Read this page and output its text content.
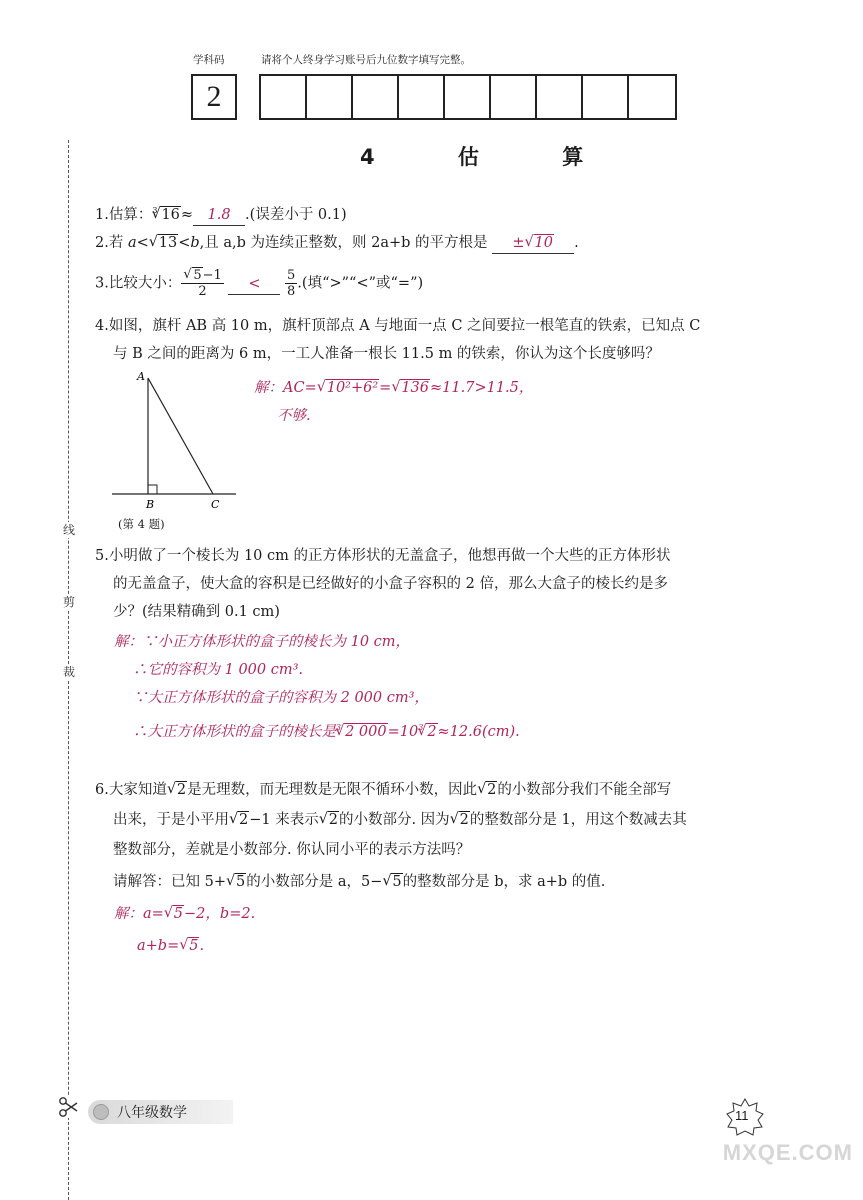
学科码	请将个人终身学习账号后九位数字填写完整。
2
4 估 算
线
剪
裁
1.估算：$^3$√ 16≈ 1.8 .(误差小于 0.1)
2.若 a<√ 13<b,且 a,b 为连续正整数，则 2a+b 的平方根是 ±√ 10 .
3.比较大小：
√ $\frac{5-1}{2} < \frac{5}{8}$ .(填“>”“<”或“=”)
4.如图，旗杆 AB 高 10 m，旗杆顶部点 A 与地面一点 C 之间要拉一根笔直的铁索，已知点 C
与 B 之间的距离为 6 m，一工人准备一根长 11.5 m 的铁索，你认为这个长度够吗？
A
B	C
(第 4 题)
解：AC=√ 10²+6²=√ 136≈11.7>11.5，
不够.
5.小明做了一个棱长为 10 cm 的正方体形状的无盖盒子，他想再做一个大些的正方体形状
的无盖盒子，使大盒的容积是已经做好的小盒子容积的 2 倍，那么大盒子的棱长约是多
少？(结果精确到 0.1 cm)
解：∵小正方体形状的盒子的棱长为 10 cm，
∴它的容积为 1 000 cm³.
∵大正方体形状的盒子的容积为 2 000 cm³，
∴大正方体形状的盒子的棱长是$^3$√ 2 $000=10^3√$ 2≈12.6(cm).
6.大家知道√ 2是无理数，而无理数是无限不循环小数，因此√ 2的小数部分我们不能全部写
出来，于是小平用√ 2−1 来表示√ 2的小数部分. 因为√ 2的整数部分是 1，用这个数减去其
整数部分，差就是小数部分. 你认同小平的表示方法吗？
请解答：已知 5+√ 5的小数部分是 a，5−√ 5的整数部分是 b，求 a+b 的值.
解：a=√ 5−2，b=2.
a+b=√ 5.
八年级数学	11
MXQE.COM
